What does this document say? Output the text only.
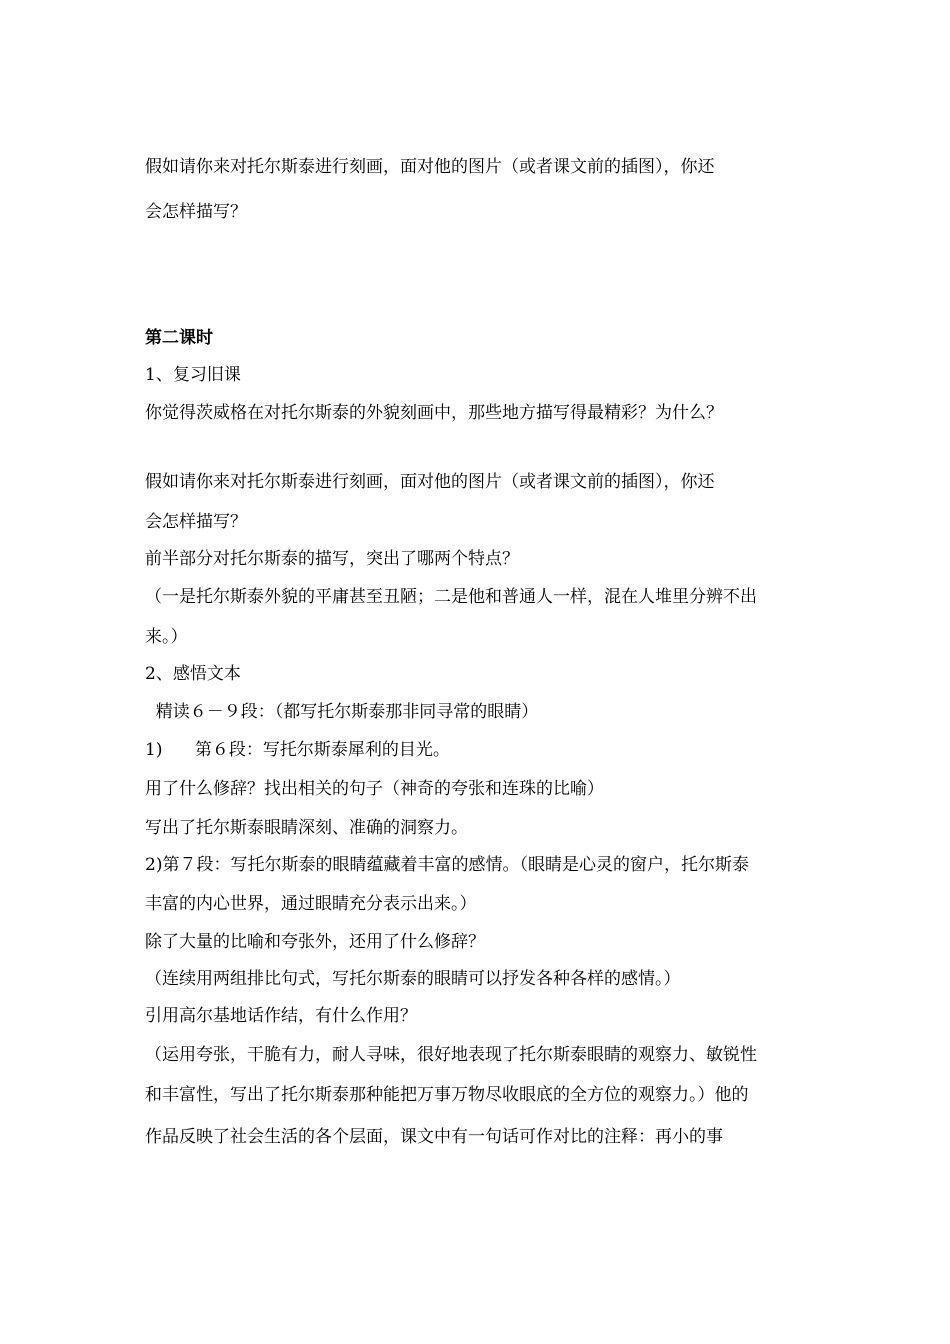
假如请你来对托尔斯泰进行刻画，面对他的图片（或者课文前的插图），你还
会怎样描写？
第二课时
1、复习旧课
你觉得茨威格在对托尔斯泰的外貌刻画中，那些地方描写得最精彩？为什么？
假如请你来对托尔斯泰进行刻画，面对他的图片（或者课文前的插图），你还
会怎样描写？
前半部分对托尔斯泰的描写，突出了哪两个特点？
（一是托尔斯泰外貌的平庸甚至丑陋；二是他和普通人一样，混在人堆里分辨不出
来。）
2、感悟文本
精读６－９段：（都写托尔斯泰那非同寻常的眼睛）
1)      第６段：写托尔斯泰犀利的目光。
用了什么修辞？找出相关的句子（神奇的夸张和连珠的比喻）
写出了托尔斯泰眼睛深刻、准确的洞察力。
2)第７段：写托尔斯泰的眼睛蕴藏着丰富的感情。（眼睛是心灵的窗户，托尔斯泰
丰富的内心世界，通过眼睛充分表示出来。）
除了大量的比喻和夸张外，还用了什么修辞？
（连续用两组排比句式，写托尔斯泰的眼睛可以抒发各种各样的感情。）
引用高尔基地话作结，有什么作用？
（运用夸张，干脆有力，耐人寻味，很好地表现了托尔斯泰眼睛的观察力、敏锐性
和丰富性，写出了托尔斯泰那种能把万事万物尽收眼底的全方位的观察力。）他的
作品反映了社会生活的各个层面，课文中有一句话可作对比的注释：再小的事
